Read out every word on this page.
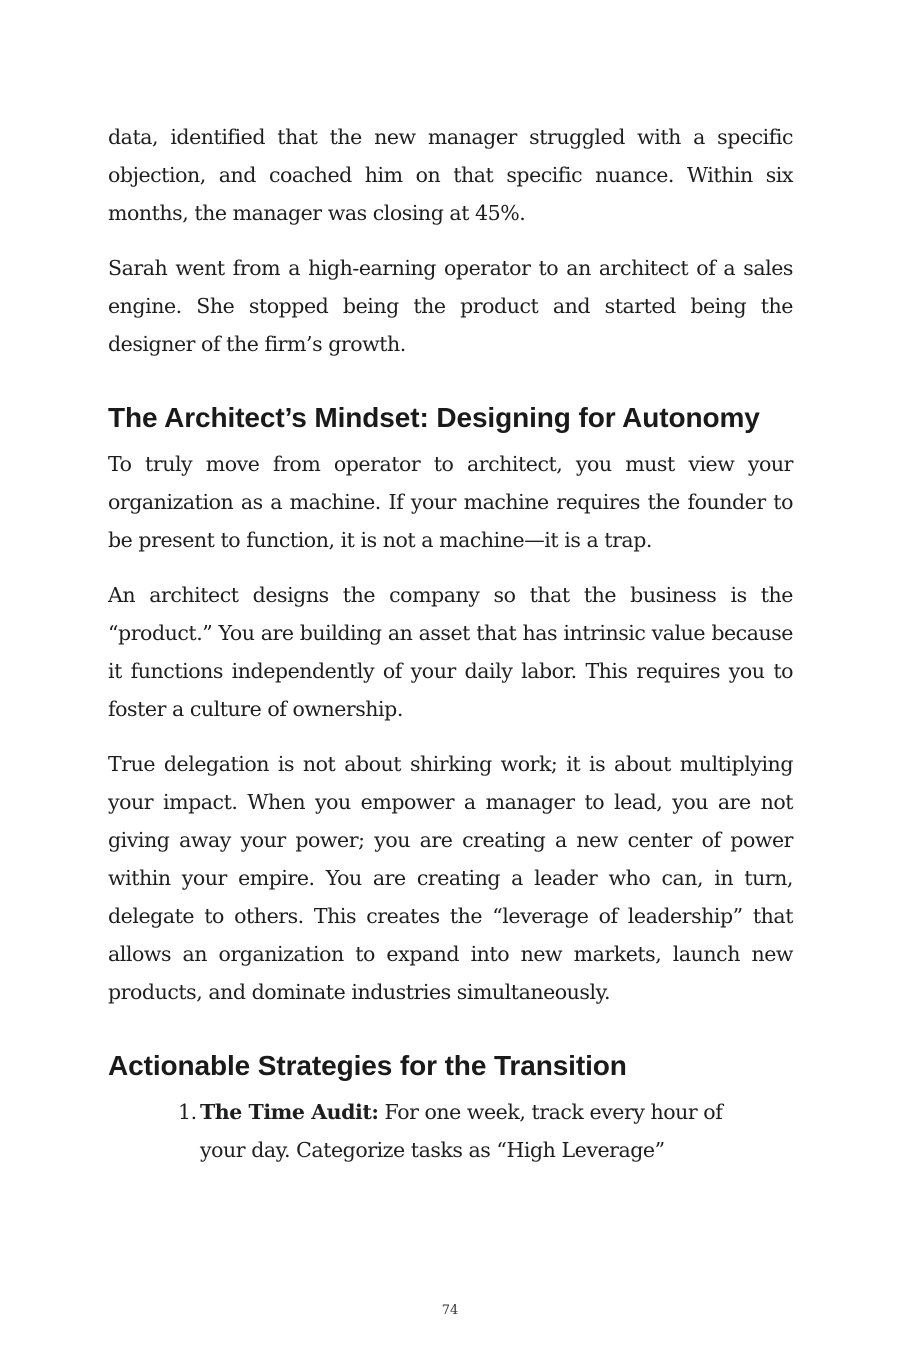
data, identified that the new manager struggled with a specific objection, and coached him on that specific nuance. Within six months, the manager was closing at 45%.

Sarah went from a high-earning operator to an architect of a sales engine. She stopped being the product and started being the designer of the firm’s growth.

The Architect’s Mindset: Designing for Autonomy

To truly move from operator to architect, you must view your organization as a machine. If your machine requires the founder to be present to function, it is not a machine—it is a trap.

An architect designs the company so that the business is the “product.” You are building an asset that has intrinsic value because it functions independently of your daily labor. This requires you to foster a culture of ownership.

True delegation is not about shirking work; it is about multiplying your impact. When you empower a manager to lead, you are not giving away your power; you are creating a new center of power within your empire. You are creating a leader who can, in turn, delegate to others. This creates the “leverage of leadership” that allows an organization to expand into new markets, launch new products, and dominate industries simultaneously.

Actionable Strategies for the Transition
1. The Time Audit: For one week, track every hour of your day. Categorize tasks as “High Leverage”
74
